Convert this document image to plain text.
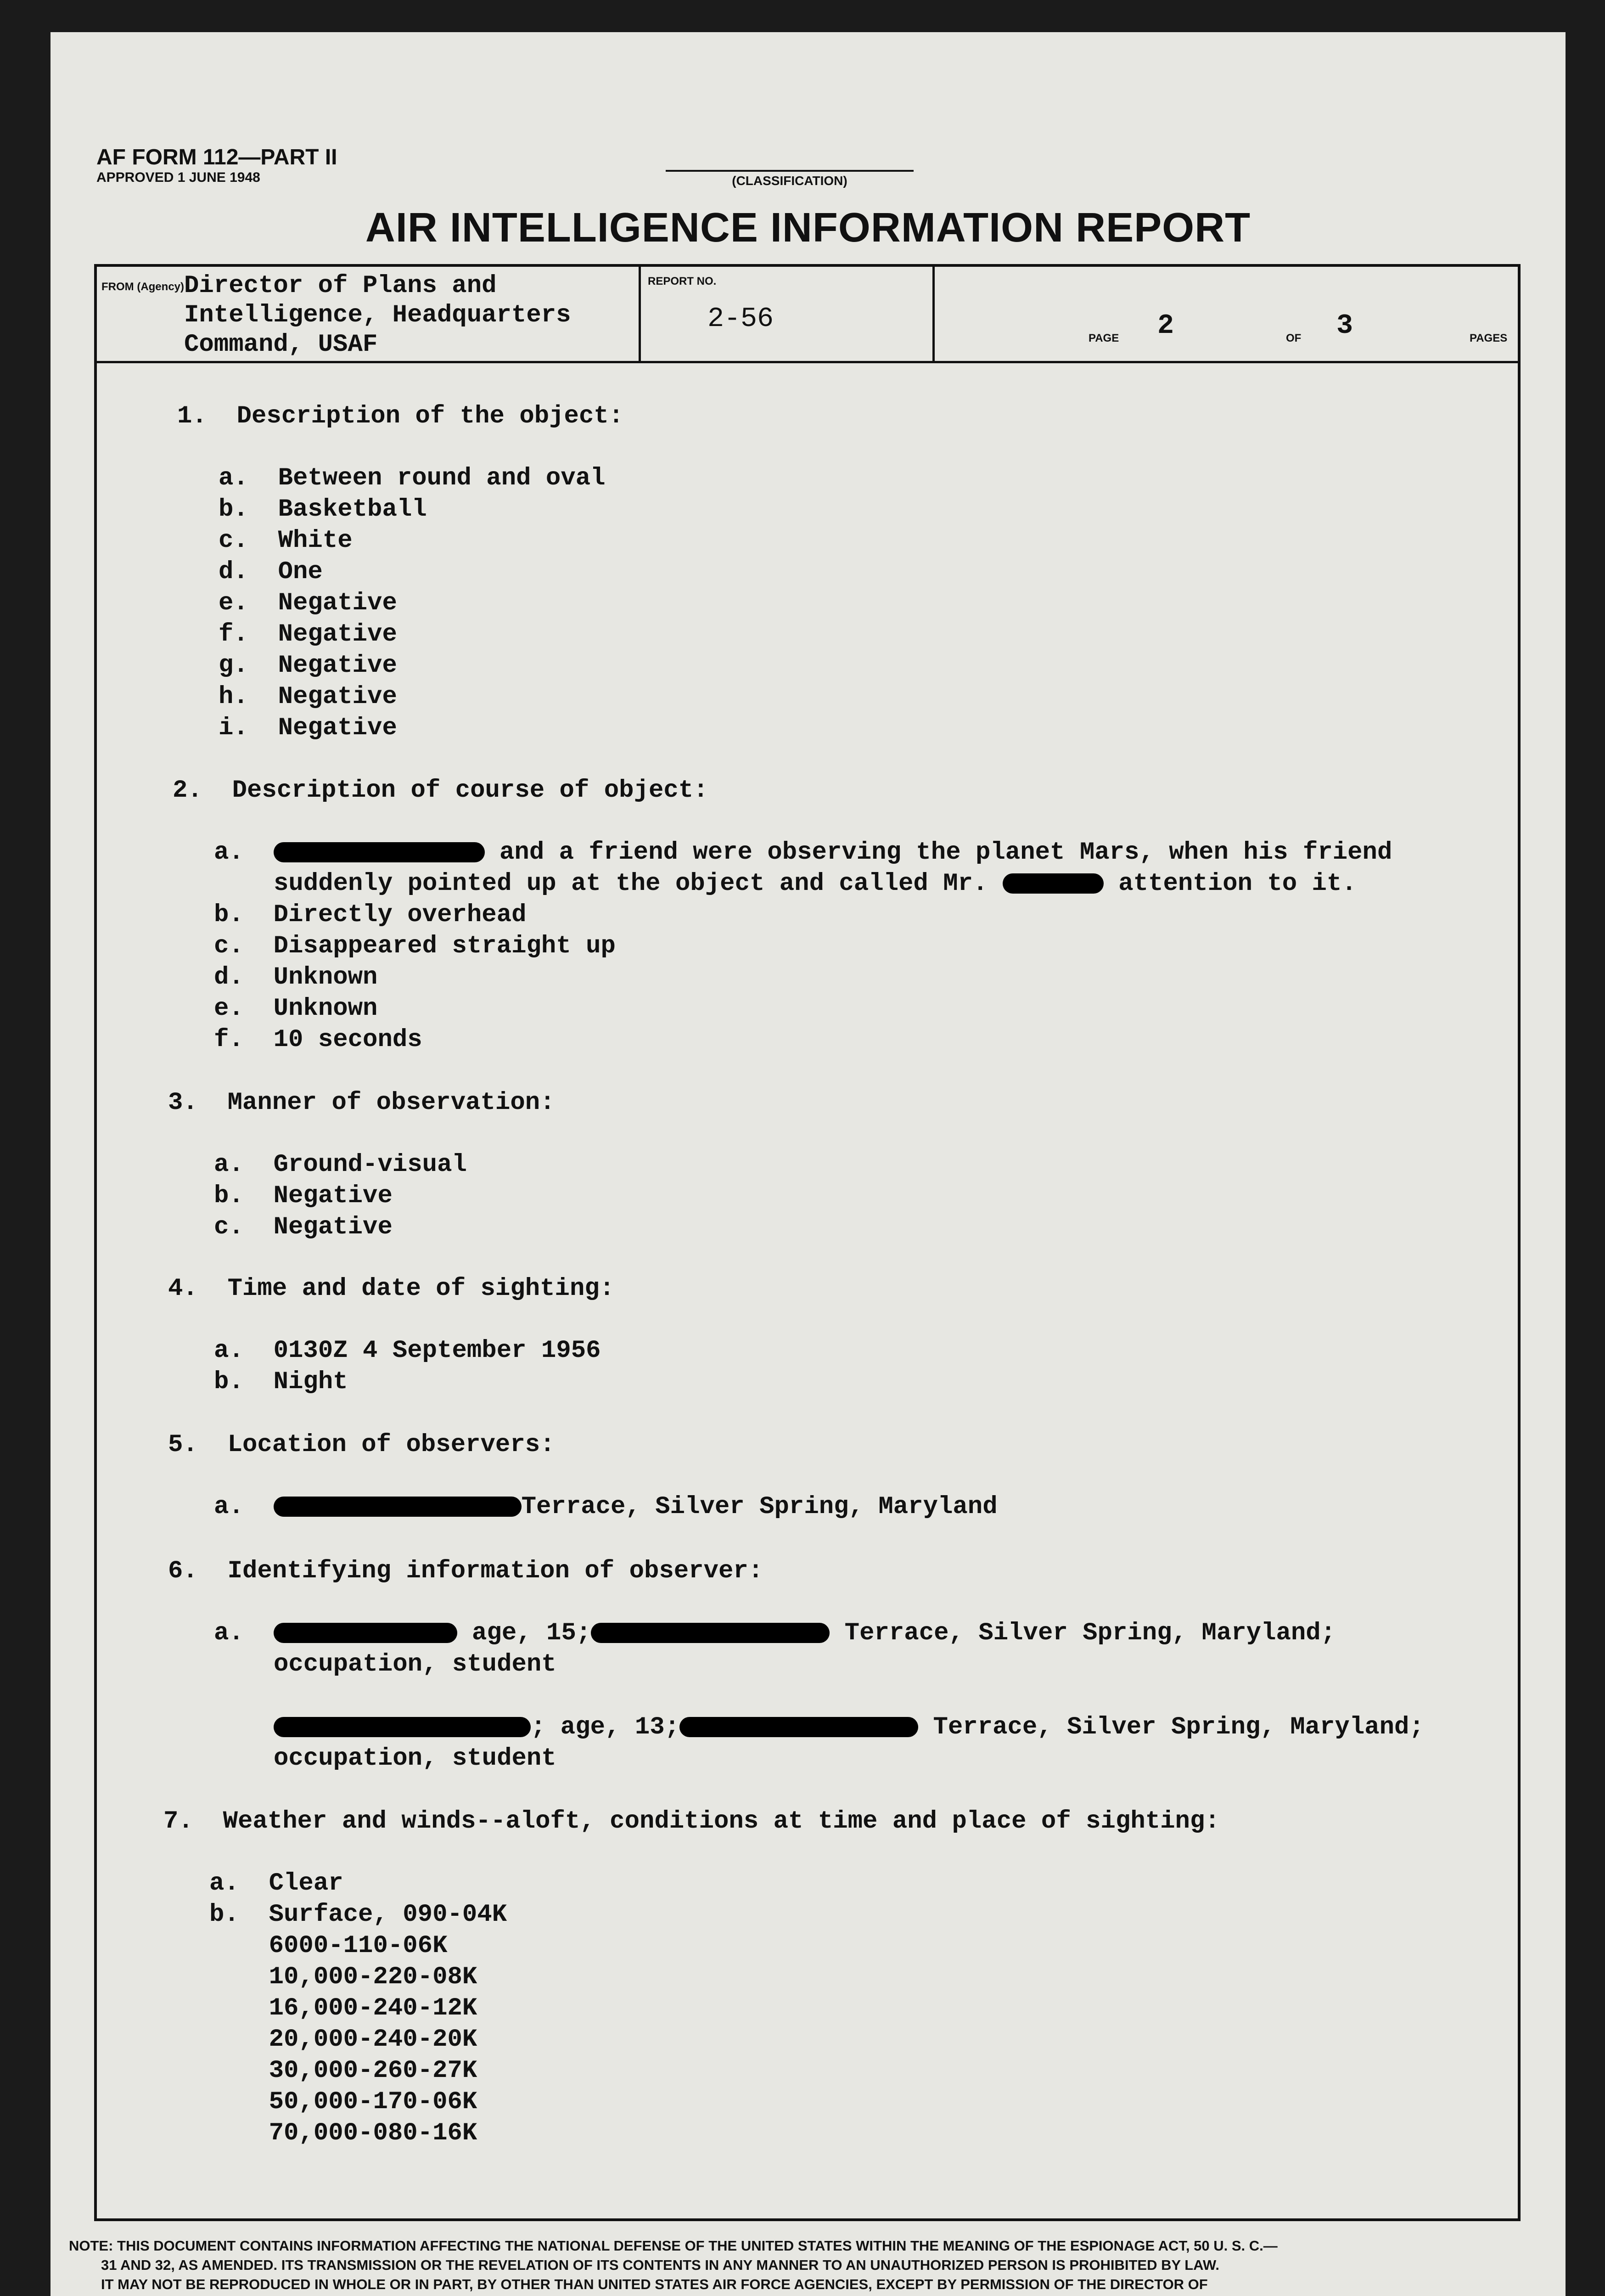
AF FORM 112—PART II
APPROVED 1 JUNE 1948	(CLASSIFICATION)
AIR INTELLIGENCE INFORMATION REPORT
FROM (Agency) Director of Plans and
Intelligence, Headquarters
Command, USAF
REPORT NO.
2-56
PAGE 2	OF 3	PAGES
1.  Description of the object:
a.  Between round and oval
b.  Basketball
c.  White
d.  One
e.  Negative
f.  Negative
g.  Negative
h.  Negative
i.  Negative
2.  Description of course of object:
a.	and a friend were observing the planet Mars, when his friend
suddenly pointed up at the object and called Mr.	attention to it.
b.  Directly overhead
c.  Disappeared straight up
d.  Unknown
e.  Unknown
f.  10 seconds
3.  Manner of observation:
a.  Ground-visual
b.  Negative
c.  Negative
4.  Time and date of sighting:
a.  0130Z 4 September 1956
b.  Night
5.  Location of observers:
a.	Terrace, Silver Spring, Maryland
6.  Identifying information of observer:
a.	age, 15;	Terrace, Silver Spring, Maryland;
occupation, student
; age, 13;	Terrace, Silver Spring, Maryland;
occupation, student
7.  Weather and winds--aloft, conditions at time and place of sighting:
a.  Clear
b.  Surface, 090-04K
6000-110-06K
10,000-220-08K
16,000-240-12K
20,000-240-20K
30,000-260-27K
50,000-170-06K
70,000-080-16K
NOTE: THIS DOCUMENT CONTAINS INFORMATION AFFECTING THE NATIONAL DEFENSE OF THE UNITED STATES WITHIN THE MEANING OF THE ESPIONAGE ACT, 50 U. S. C.—
31 AND 32, AS AMENDED. ITS TRANSMISSION OR THE REVELATION OF ITS CONTENTS IN ANY MANNER TO AN UNAUTHORIZED PERSON IS PROHIBITED BY LAW.
IT MAY NOT BE REPRODUCED IN WHOLE OR IN PART, BY OTHER THAN UNITED STATES AIR FORCE AGENCIES, EXCEPT BY PERMISSION OF THE DIRECTOR OF
